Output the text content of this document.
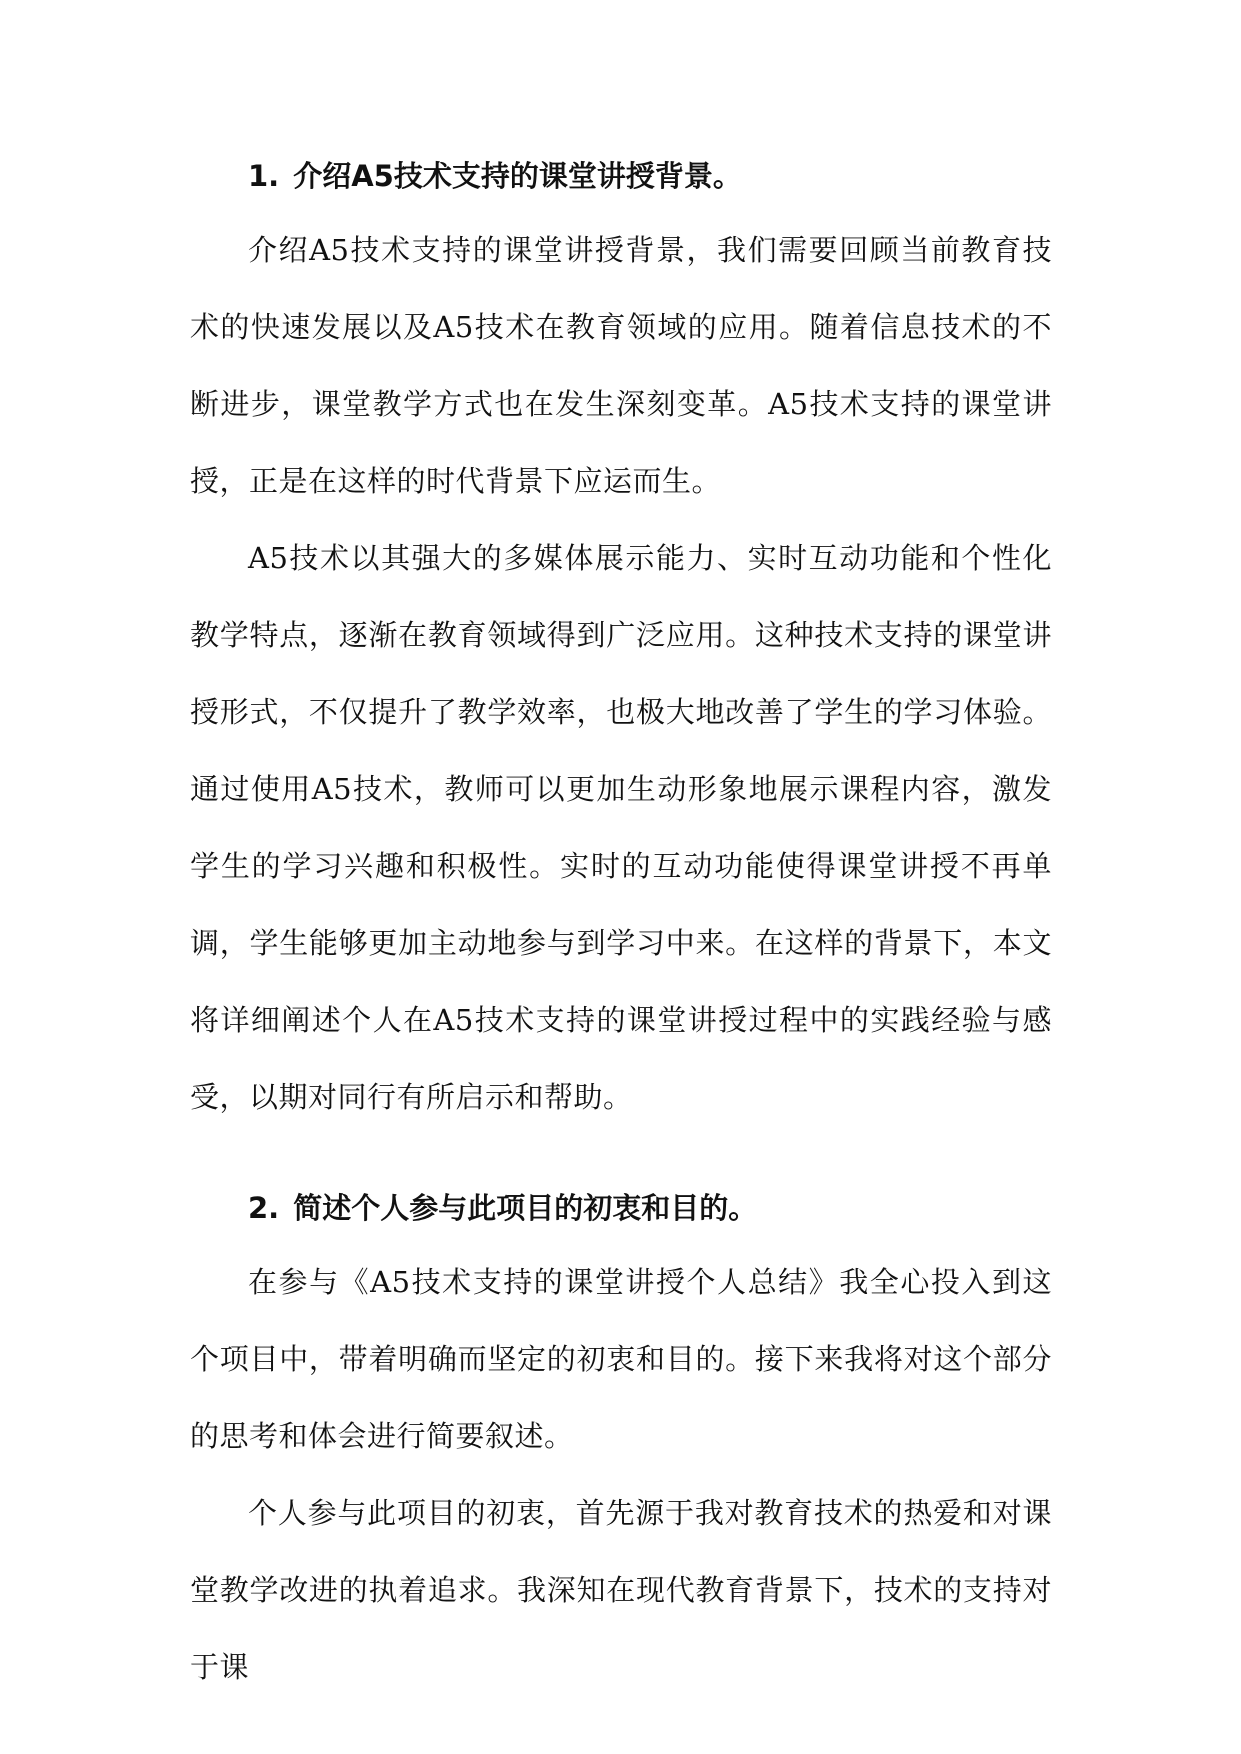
1. 介绍A5技术支持的课堂讲授背景。

介绍A5技术支持的课堂讲授背景，我们需要回顾当前教育技术的快速发展以及A5技术在教育领域的应用。随着信息技术的不断进步，课堂教学方式也在发生深刻变革。A5技术支持的课堂讲授，正是在这样的时代背景下应运而生。

A5技术以其强大的多媒体展示能力、实时互动功能和个性化教学特点，逐渐在教育领域得到广泛应用。这种技术支持的课堂讲授形式，不仅提升了教学效率，也极大地改善了学生的学习体验。通过使用A5技术，教师可以更加生动形象地展示课程内容，激发学生的学习兴趣和积极性。实时的互动功能使得课堂讲授不再单调，学生能够更加主动地参与到学习中来。在这样的背景下，本文将详细阐述个人在A5技术支持的课堂讲授过程中的实践经验与感受，以期对同行有所启示和帮助。

2. 简述个人参与此项目的初衷和目的。

在参与《A5技术支持的课堂讲授个人总结》我全心投入到这个项目中，带着明确而坚定的初衷和目的。接下来我将对这个部分的思考和体会进行简要叙述。

个人参与此项目的初衷，首先源于我对教育技术的热爱和对课堂教学改进的执着追求。我深知在现代教育背景下，技术的支持对于课
